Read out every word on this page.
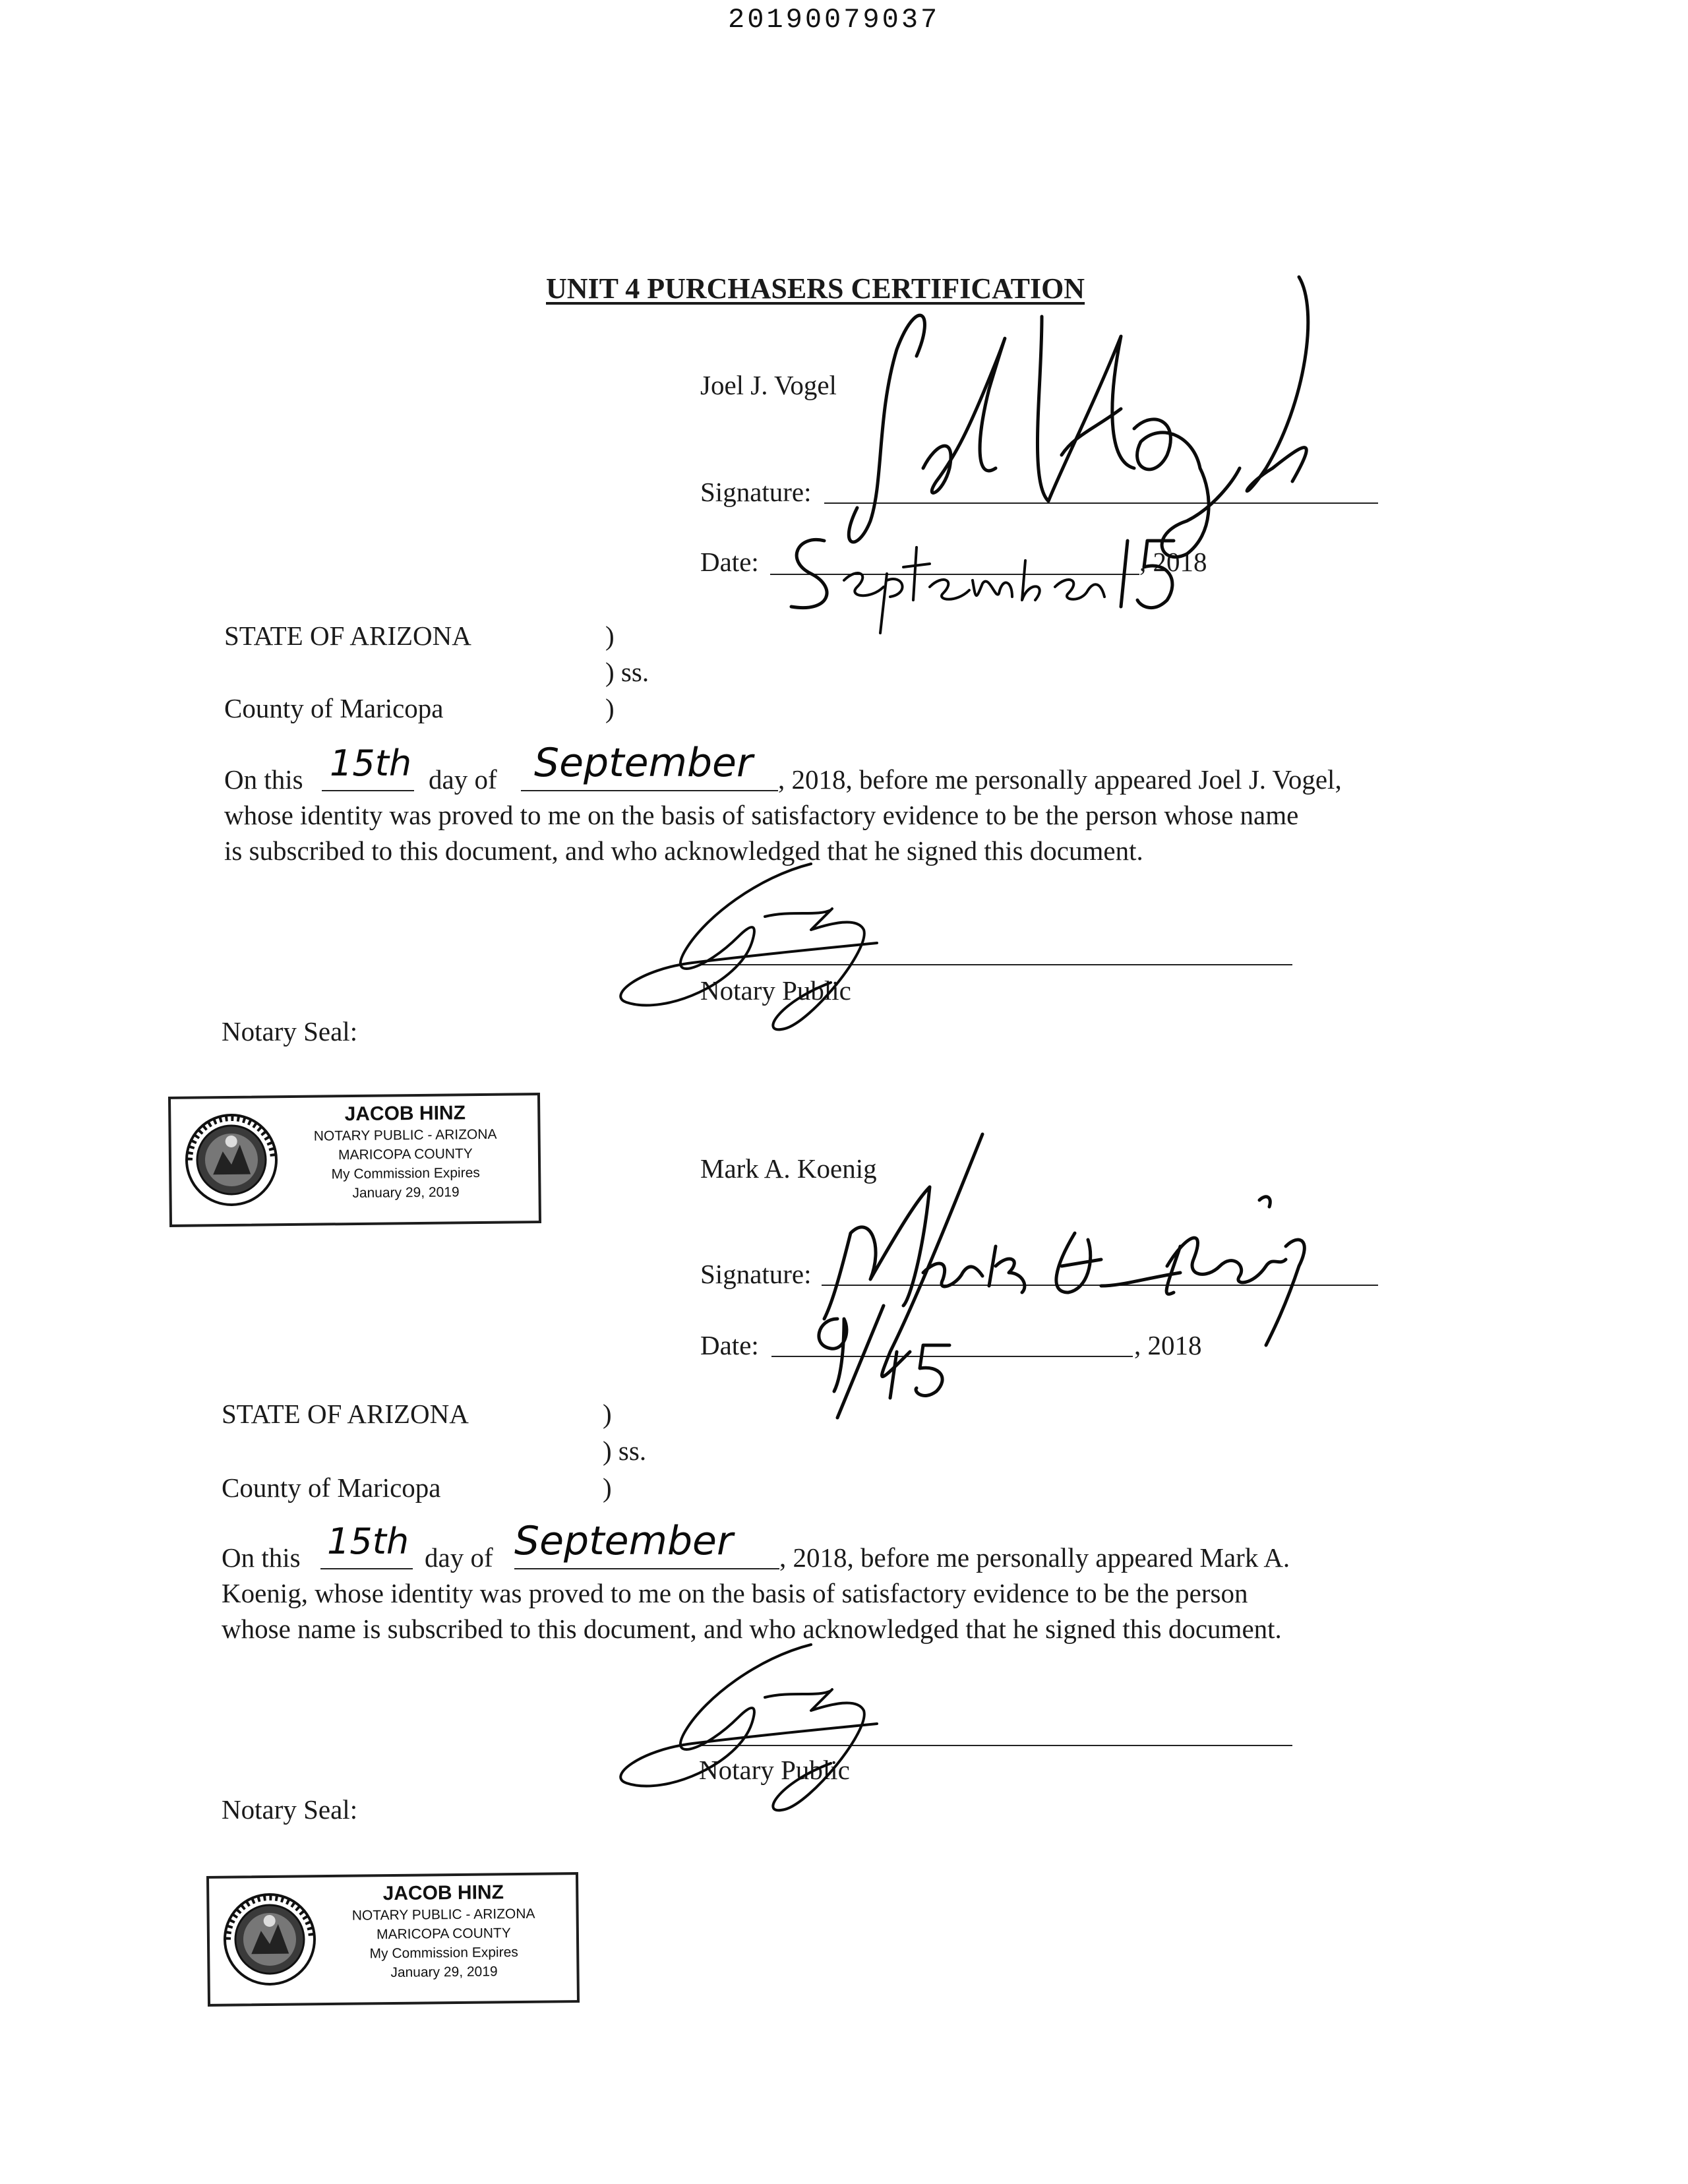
20190079037
UNIT 4 PURCHASERS CERTIFICATION
Joel J. Vogel
Signature:
Date:	, 2018
STATE OF ARIZONA	)
) ss.
County of Maricopa	)
On this 15th day of September , 2018, before me personally appeared Joel J. Vogel,
whose identity was proved to me on the basis of satisfactory evidence to be the person whose name
is subscribed to this document, and who acknowledged that he signed this document.
Notary Public
Notary Seal:
JACOB HINZ
NOTARY PUBLIC - ARIZONA
MARICOPA COUNTY
My Commission Expires
January 29, 2019
Mark A. Koenig
Signature:
Date:	, 2018
STATE OF ARIZONA	)
) ss.
County of Maricopa	)
On this 15th day of September , 2018, before me personally appeared Mark A.
Koenig, whose identity was proved to me on the basis of satisfactory evidence to be the person
whose name is subscribed to this document, and who acknowledged that he signed this document.
Notary Public
Notary Seal:
JACOB HINZ
NOTARY PUBLIC - ARIZONA
MARICOPA COUNTY
My Commission Expires
January 29, 2019
